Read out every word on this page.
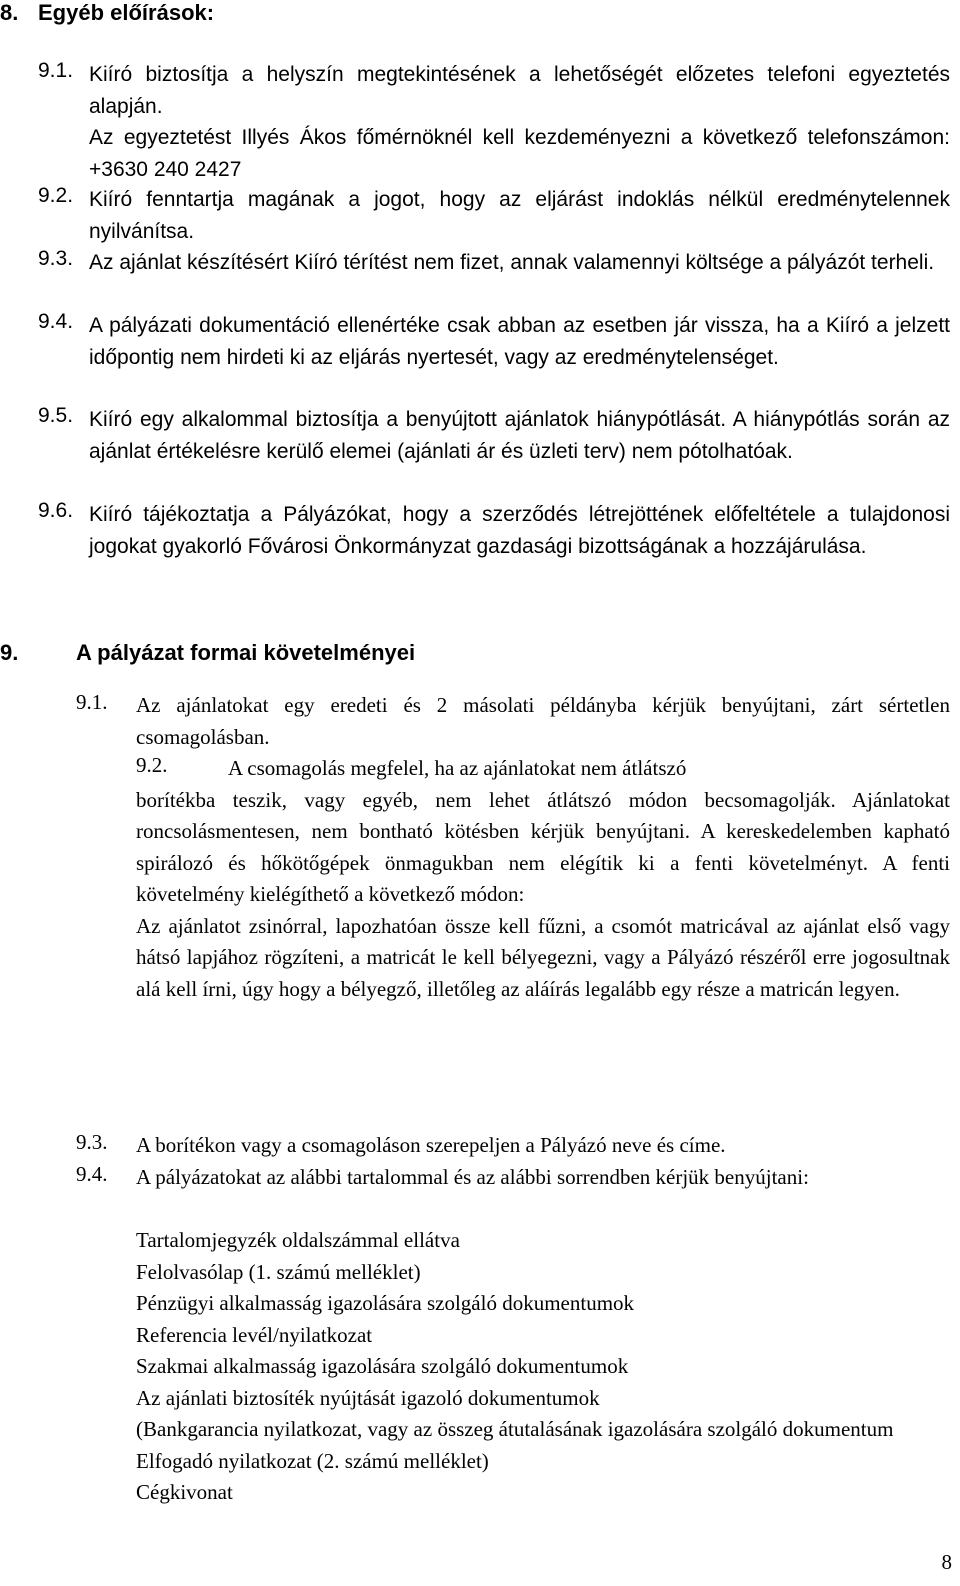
8. Egyéb előírások:
9.1. Kiíró biztosítja a helyszín megtekintésének a lehetőségét előzetes telefoni egyeztetés alapján.

Az egyeztetést Illyés Ákos főmérnöknél kell kezdeményezni a következő telefonszámon: +3630 240 2427

9.2. Kiíró fenntartja magának a jogot, hogy az eljárást indoklás nélkül eredménytelennek nyilvánítsa.

9.3. Az ajánlat készítésért Kiíró térítést nem fizet, annak valamennyi költsége a pályázót terheli.

9.4. A pályázati dokumentáció ellenértéke csak abban az esetben jár vissza, ha a Kiíró a jelzett időpontig nem hirdeti ki az eljárás nyertesét, vagy az eredménytelenséget.

9.5. Kiíró egy alkalommal biztosítja a benyújtott ajánlatok hiánypótlását. A hiánypótlás során az ajánlat értékelésre kerülő elemei (ajánlati ár és üzleti terv) nem pótolhatóak.

9.6. Kiíró tájékoztatja a Pályázókat, hogy a szerződés létrejöttének előfeltétele a tulajdonosi jogokat gyakorló Fővárosi Önkormányzat gazdasági bizottságának a hozzájárulása.

9.	A pályázat formai követelményei
9.1. Az ajánlatokat egy eredeti és 2 másolati példányba kérjük benyújtani, zárt sértetlen csomagolásban.

9.2.	A csomagolás megfelel, ha az ajánlatokat nem átlátszó

borítékba teszik, vagy egyéb, nem lehet átlátszó módon becsomagolják. Ajánlatokat roncsolásmentesen, nem bontható kötésben kérjük benyújtani. A kereskedelemben kapható spirálozó és hőkötőgépek önmagukban nem elégítik ki a fenti követelményt. A fenti követelmény kielégíthető a következő módon:

Az ajánlatot zsinórral, lapozhatóan össze kell fűzni, a csomót matricával az ajánlat első vagy hátsó lapjához rögzíteni, a matricát le kell bélyegezni, vagy a Pályázó részéről erre jogosultnak alá kell írni, úgy hogy a bélyegző, illetőleg az aláírás legalább egy része a matricán legyen.

9.3. A borítékon vagy a csomagoláson szerepeljen a Pályázó neve és címe.

9.4. A pályázatokat az alábbi tartalommal és az alábbi sorrendben kérjük benyújtani:

Tartalomjegyzék oldalszámmal ellátva

Felolvasólap (1. számú melléklet)

Pénzügyi alkalmasság igazolására szolgáló dokumentumok

Referencia levél/nyilatkozat

Szakmai alkalmasság igazolására szolgáló dokumentumok

Az ajánlati biztosíték nyújtását igazoló dokumentumok

(Bankgarancia nyilatkozat, vagy az összeg átutalásának igazolására szolgáló dokumentum

Elfogadó nyilatkozat (2. számú melléklet)

Cégkivonat

8
